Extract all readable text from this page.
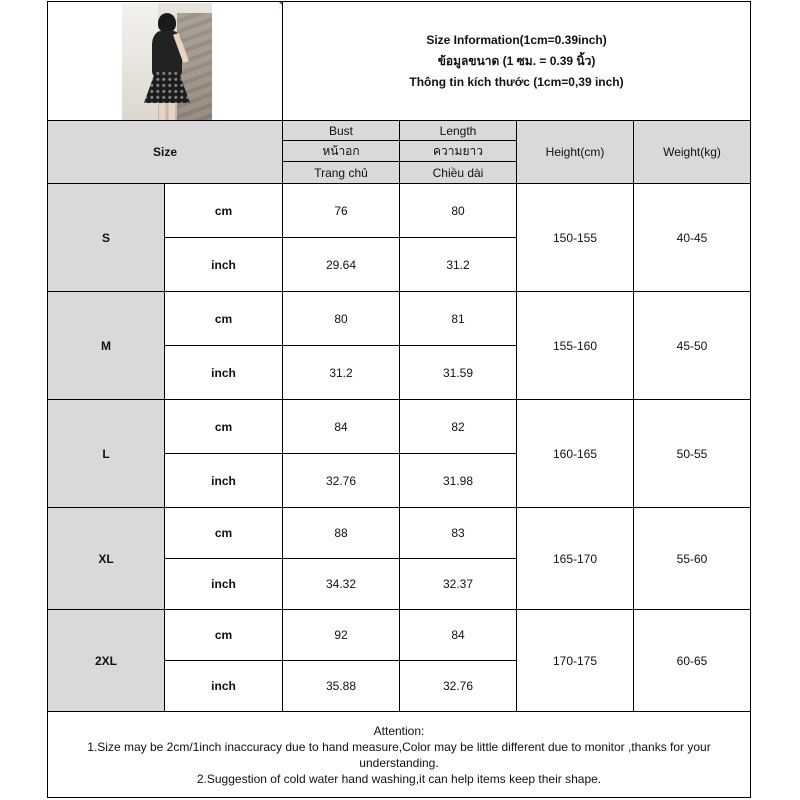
		Size Information(1cm=0.39inch)
ข้อมูลขนาด (1 ซม. = 0.39 นิ้ว)
Thông tin kích thước (1cm=0,39 inch)			

Size		Bust	Length	Height(cm)	Weight(kg)
		หน้าอก	ความยาว		
		Trang chủ	Chiều dài		
S	cm	76	80	150-155	40-45
	inch	29.64	31.2		
M	cm	80	81	155-160	45-50
	inch	31.2	31.59		
L	cm	84	82	160-165	50-55
	inch	32.76	31.98		
XL	cm	88	83	165-170	55-60
	inch	34.32	32.37		
2XL	cm	92	84	170-175	60-65
	inch	35.88	32.76		

Attention:
1.Size may be 2cm/1inch inaccuracy due to hand measure,Color may be little different due to monitor ,thanks for your understanding.
2.Suggestion of cold water hand washing,it can help items keep their shape.					
